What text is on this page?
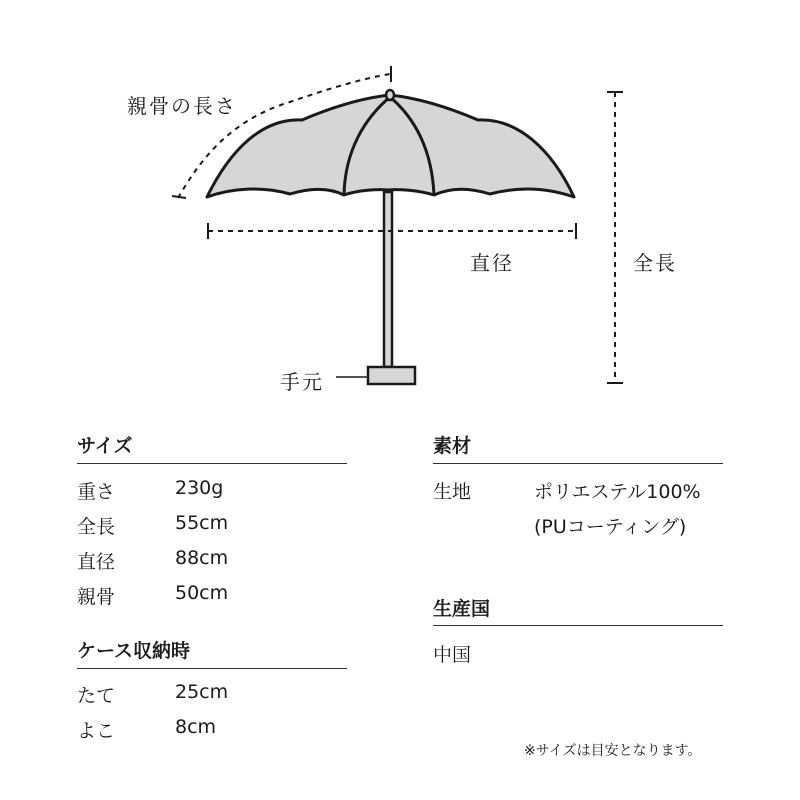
親骨の長さ
直径	全長
手元
サイズ
重さ	230g
全長	55cm
直径	88cm
親骨	50cm
ケース収納時
たて	25cm
よこ	8cm
素材
生地	ポリエステル100%
(PUコーティング)
生産国
中国
※サイズは目安となります。
